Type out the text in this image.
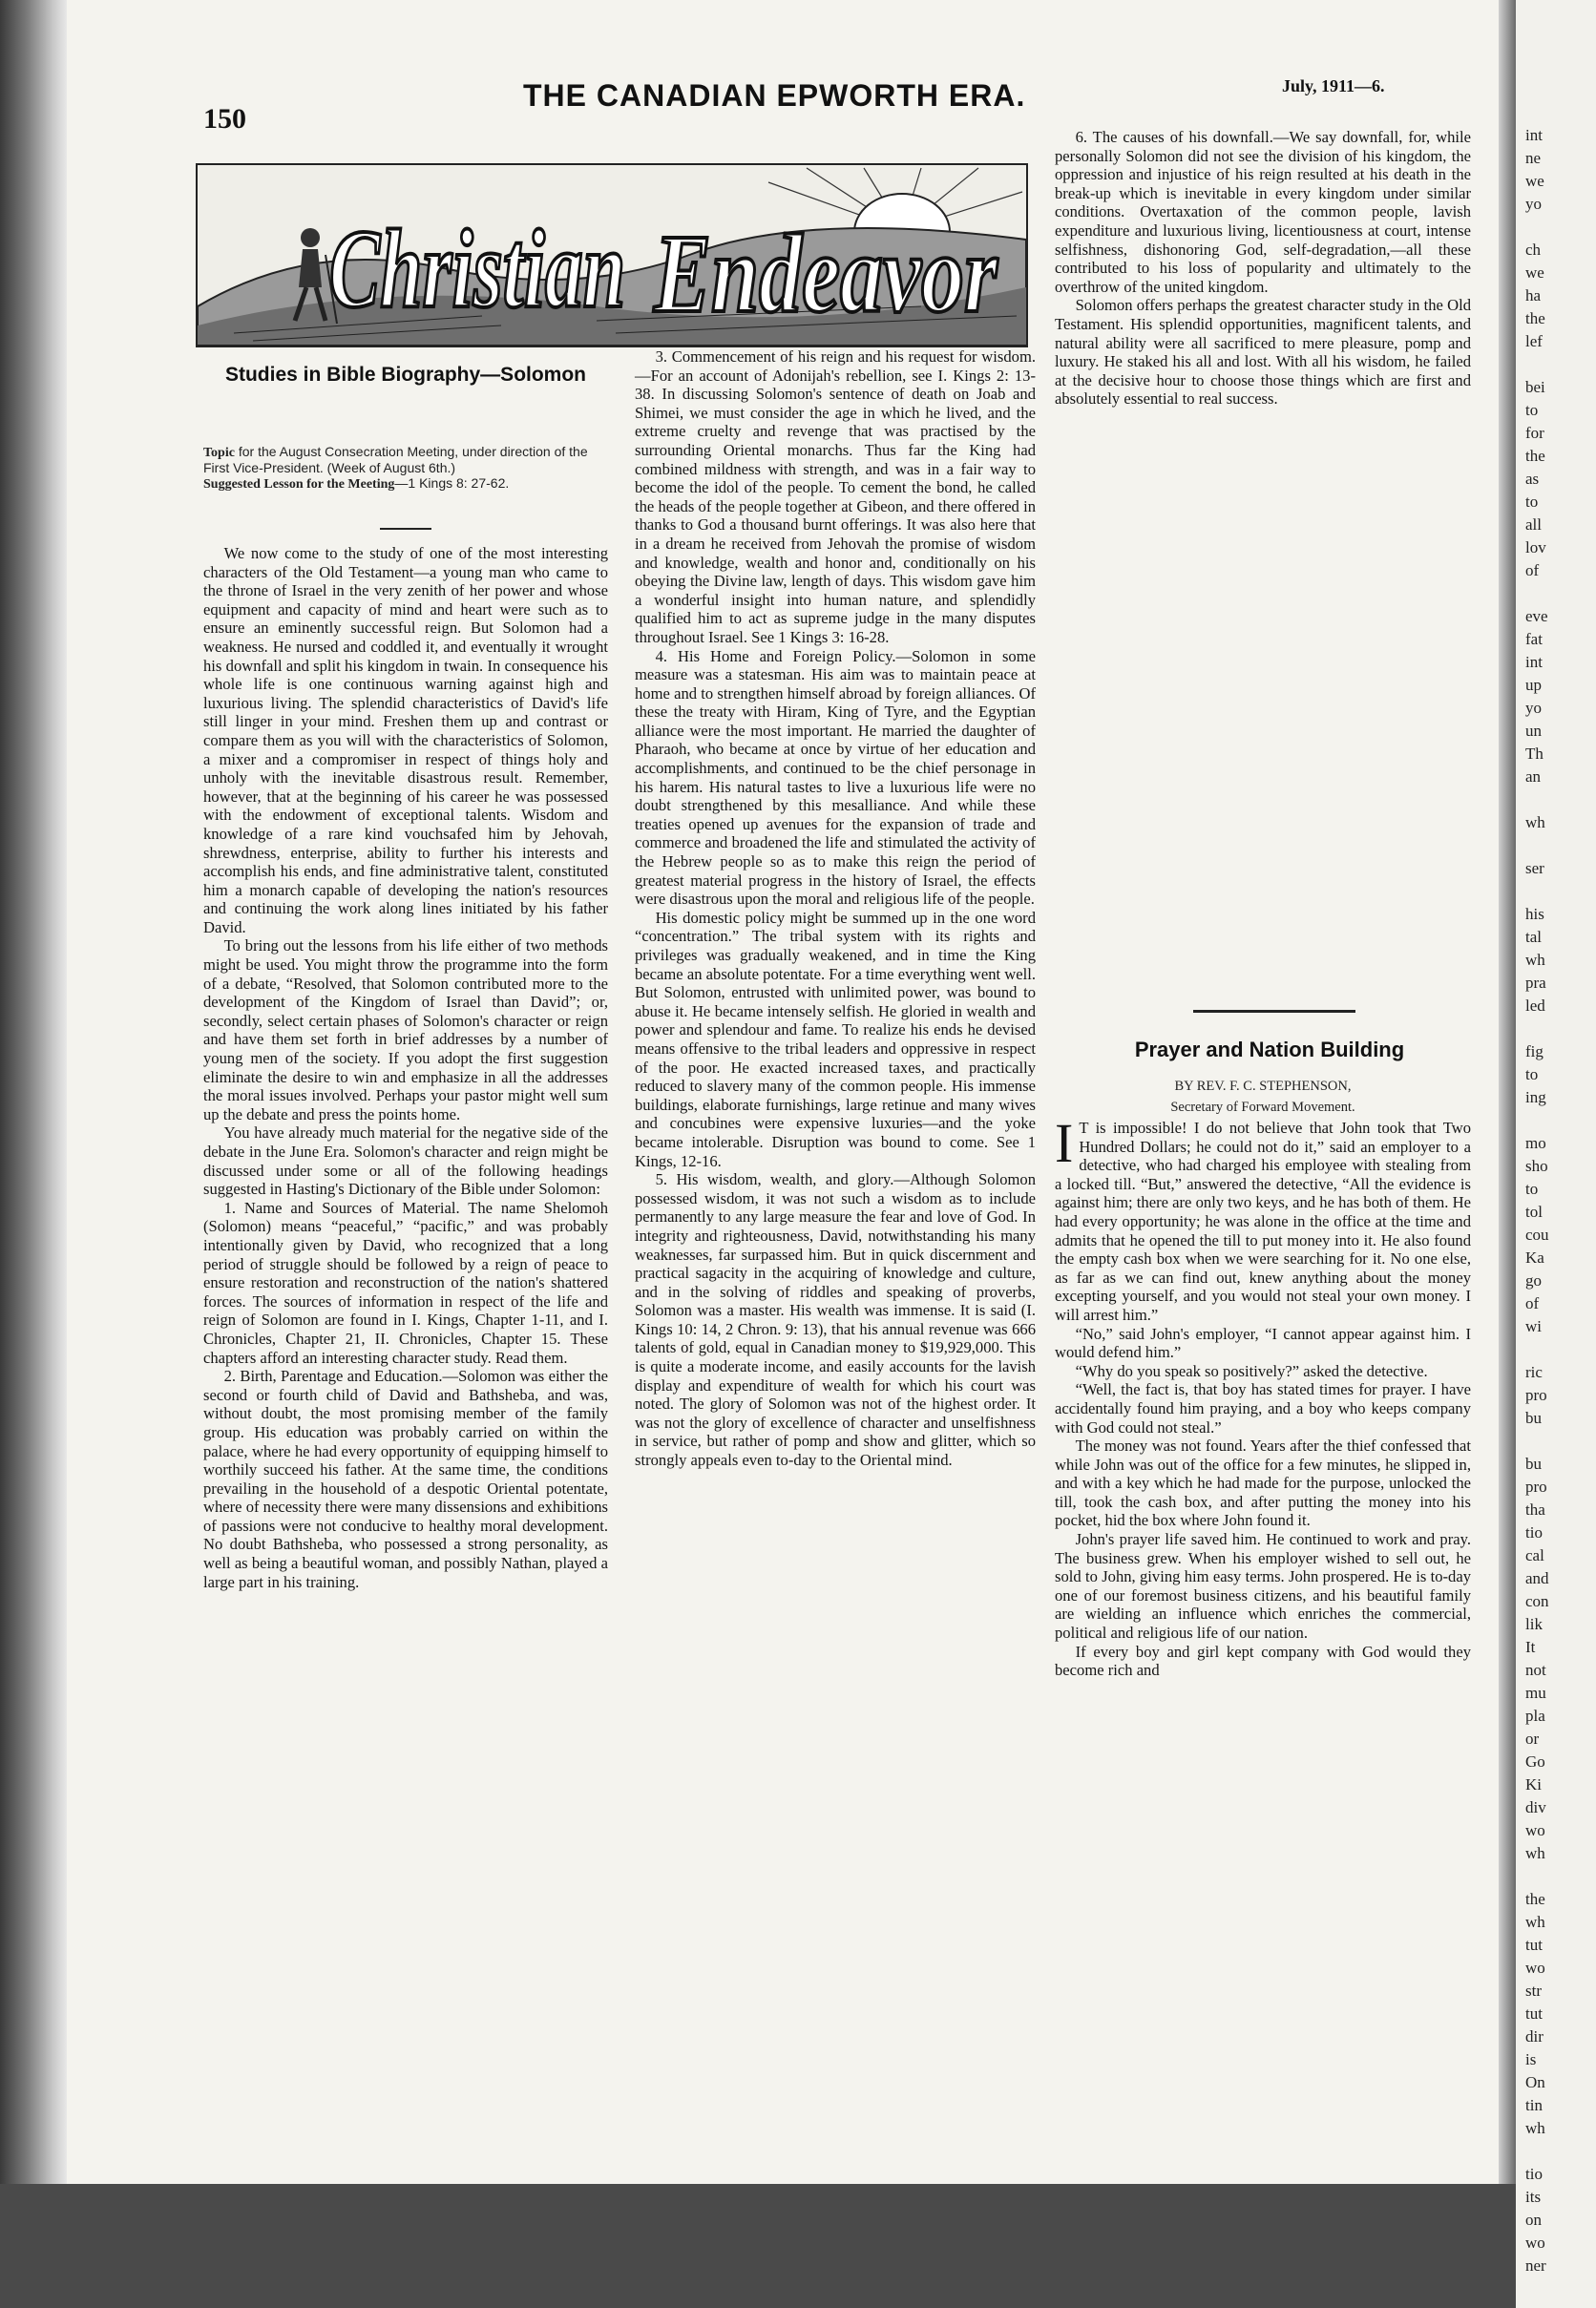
int
ne
we
yo

ch
we
ha
the
lef

bei
to
for
the
as
to
all
lov
of

eve
fat
int
up
yo
un
Th
an

wh

ser

his
tal
wh
pra
led

fig
to
ing

mo
sho
to
tol
cou
Ka
go
of
wi

ric
pro
bu

bu
pro
tha
tio
cal
and
con
lik
It
not
mu
pla
or
Go
Ki
div
wo
wh

the
wh
tut
wo
str
tut
dir
is
On
tin
wh

tio
its
on
wo
ner
150
THE CANADIAN EPWORTH ERA.	July, 1911—6.
Christian Endeavor
Studies in Bible Biography—Solomon
Topic for the August Consecration Meeting, under direction of the First Vice-President. (Week of August 6th.)
Suggested Lesson for the Meeting—1 Kings 8: 27-62.

We now come to the study of one of the most interesting characters of the Old Testament—a young man who came to the throne of Israel in the very zenith of her power and whose equipment and capacity of mind and heart were such as to ensure an eminently successful reign. But Solomon had a weakness. He nursed and coddled it, and eventually it wrought his downfall and split his kingdom in twain. In consequence his whole life is one continuous warning against high and luxurious living. The splendid characteristics of David's life still linger in your mind. Freshen them up and contrast or compare them as you will with the characteristics of Solomon, a mixer and a compromiser in respect of things holy and unholy with the inevitable disastrous result. Remember, however, that at the beginning of his career he was possessed with the endowment of exceptional talents. Wisdom and knowledge of a rare kind vouchsafed him by Jehovah, shrewdness, enterprise, ability to further his interests and accomplish his ends, and fine administrative talent, constituted him a monarch capable of developing the nation's resources and continuing the work along lines initiated by his father David.

To bring out the lessons from his life either of two methods might be used. You might throw the programme into the form of a debate, “Resolved, that Solomon contributed more to the development of the Kingdom of Israel than David”; or, secondly, select certain phases of Solomon's character or reign and have them set forth in brief addresses by a number of young men of the society. If you adopt the first suggestion eliminate the desire to win and emphasize in all the addresses the moral issues involved. Perhaps your pastor might well sum up the debate and press the points home.

You have already much material for the negative side of the debate in the June Era. Solomon's character and reign might be discussed under some or all of the following headings suggested in Hasting's Dictionary of the Bible under Solomon:

1. Name and Sources of Material. The name Shelomoh (Solomon) means “peaceful,” “pacific,” and was probably intentionally given by David, who recognized that a long period of struggle should be followed by a reign of peace to ensure restoration and reconstruction of the nation's shattered forces. The sources of information in respect of the life and reign of Solomon are found in I. Kings, Chapter 1-11, and I. Chronicles, Chapter 21, II. Chronicles, Chapter 15. These chapters afford an interesting character study. Read them.

2. Birth, Parentage and Education.—Solomon was either the second or fourth child of David and Bathsheba, and was, without doubt, the most promising member of the family group. His education was probably carried on within the palace, where he had every opportunity of equipping himself to worthily succeed his father. At the same time, the conditions prevailing in the household of a despotic Oriental potentate, where of necessity there were many dissensions and exhibitions of passions were not conducive to healthy moral development. No doubt Bathsheba, who possessed a strong personality, as well as being a beautiful woman, and possibly Nathan, played a large part in his training.

3. Commencement of his reign and his request for wisdom.—For an account of Adonijah's rebellion, see I. Kings 2: 13-38. In discussing Solomon's sentence of death on Joab and Shimei, we must consider the age in which he lived, and the extreme cruelty and revenge that was practised by the surrounding Oriental monarchs. Thus far the King had combined mildness with strength, and was in a fair way to become the idol of the people. To cement the bond, he called the heads of the people together at Gibeon, and there offered in thanks to God a thousand burnt offerings. It was also here that in a dream he received from Jehovah the promise of wisdom and knowledge, wealth and honor and, conditionally on his obeying the Divine law, length of days. This wisdom gave him a wonderful insight into human nature, and splendidly qualified him to act as supreme judge in the many disputes throughout Israel. See 1 Kings 3: 16-28.

4. His Home and Foreign Policy.—Solomon in some measure was a statesman. His aim was to maintain peace at home and to strengthen himself abroad by foreign alliances. Of these the treaty with Hiram, King of Tyre, and the Egyptian alliance were the most important. He married the daughter of Pharaoh, who became at once by virtue of her education and accomplishments, and continued to be the chief personage in his harem. His natural tastes to live a luxurious life were no doubt strengthened by this mesalliance. And while these treaties opened up avenues for the expansion of trade and commerce and broadened the life and stimulated the activity of the Hebrew people so as to make this reign the period of greatest material progress in the history of Israel, the effects were disastrous upon the moral and religious life of the people.

His domestic policy might be summed up in the one word “concentration.” The tribal system with its rights and privileges was gradually weakened, and in time the King became an absolute potentate. For a time everything went well. But Solomon, entrusted with unlimited power, was bound to abuse it. He became intensely selfish. He gloried in wealth and power and splendour and fame. To realize his ends he devised means offensive to the tribal leaders and oppressive in respect of the poor. He exacted increased taxes, and practically reduced to slavery many of the common people. His immense buildings, elaborate furnishings, large retinue and many wives and concubines were expensive luxuries—and the yoke became intolerable. Disruption was bound to come. See 1 Kings, 12-16.

5. His wisdom, wealth, and glory.—Although Solomon possessed wisdom, it was not such a wisdom as to include permanently to any large measure the fear and love of God. In integrity and righteousness, David, notwithstanding his many weaknesses, far surpassed him. But in quick discernment and practical sagacity in the acquiring of knowledge and culture, and in the solving of riddles and speaking of proverbs, Solomon was a master. His wealth was immense. It is said (I. Kings 10: 14, 2 Chron. 9: 13), that his annual revenue was 666 talents of gold, equal in Canadian money to $19,929,000. This is quite a moderate income, and easily accounts for the lavish display and expenditure of wealth for which his court was noted. The glory of Solomon was not of the highest order. It was not the glory of excellence of character and unselfishness in service, but rather of pomp and show and glitter, which so strongly appeals even to-day to the Oriental mind.

6. The causes of his downfall.—We say downfall, for, while personally Solomon did not see the division of his kingdom, the oppression and injustice of his reign resulted at his death in the break-up which is inevitable in every kingdom under similar conditions. Overtaxation of the common people, lavish expenditure and luxurious living, licentiousness at court, intense selfishness, dishonoring God, self-degradation,—all these contributed to his loss of popularity and ultimately to the overthrow of the united kingdom.

Solomon offers perhaps the greatest character study in the Old Testament. His splendid opportunities, magnificent talents, and natural ability were all sacrificed to mere pleasure, pomp and luxury. He staked his all and lost. With all his wisdom, he failed at the decisive hour to choose those things which are first and absolutely essential to real success.

Prayer and Nation Building
BY REV. F. C. STEPHENSON,
Secretary of Forward Movement.

I T is impossible! I do not believe that John took that Two Hundred Dollars; he could not do it,” said an employer to a detective, who had charged his employee with stealing from a locked till. “But,” answered the detective, “All the evidence is against him; there are only two keys, and he has both of them. He had every opportunity; he was alone in the office at the time and admits that he opened the till to put money into it. He also found the empty cash box when we were searching for it. No one else, as far as we can find out, knew anything about the money excepting yourself, and you would not steal your own money. I will arrest him.”

“No,” said John's employer, “I cannot appear against him. I would defend him.”

“Why do you speak so positively?” asked the detective.

“Well, the fact is, that boy has stated times for prayer. I have accidentally found him praying, and a boy who keeps company with God could not steal.”

The money was not found. Years after the thief confessed that while John was out of the office for a few minutes, he slipped in, and with a key which he had made for the purpose, unlocked the till, took the cash box, and after putting the money into his pocket, hid the box where John found it.

John's prayer life saved him. He continued to work and pray. The business grew. When his employer wished to sell out, he sold to John, giving him easy terms. John prospered. He is to-day one of our foremost business citizens, and his beautiful family are wielding an influence which enriches the commercial, political and religious life of our nation.

If every boy and girl kept company with God would they become rich and
